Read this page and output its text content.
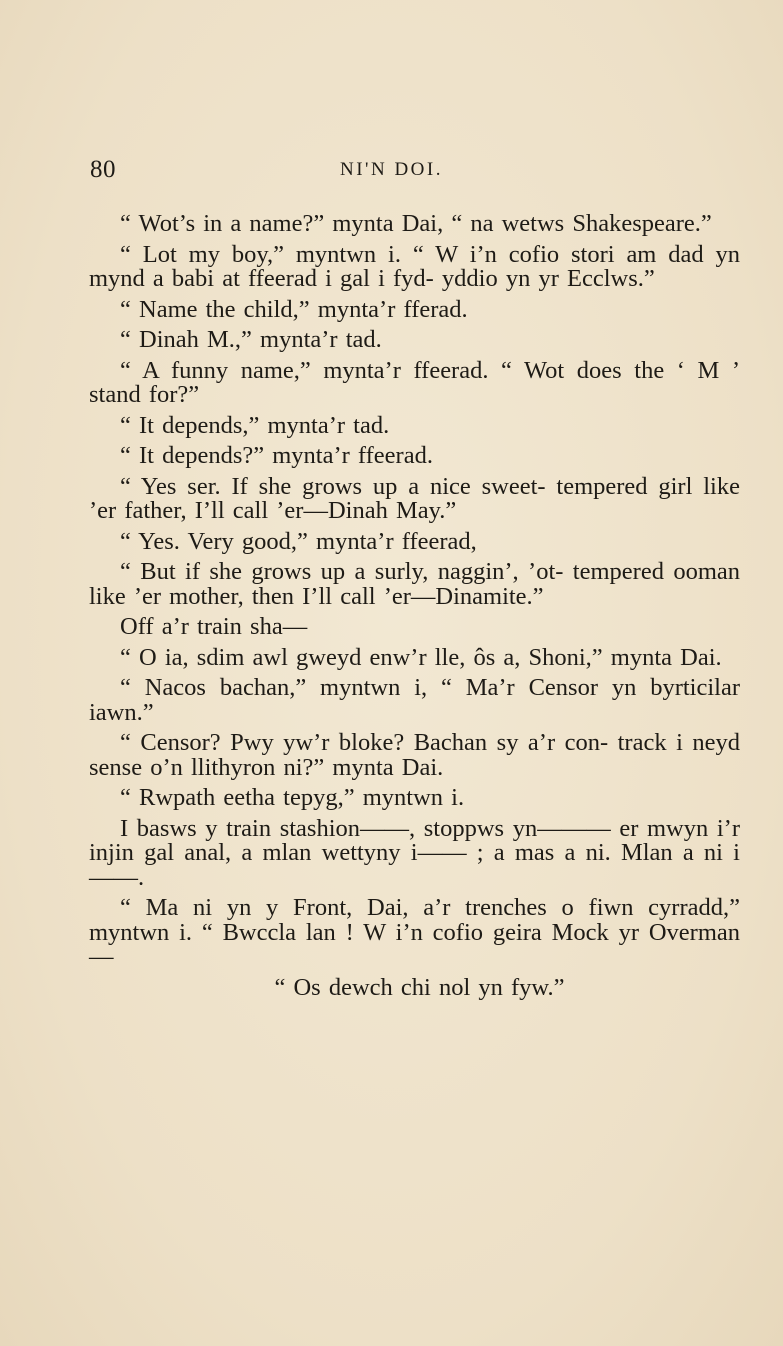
80	NI'N DOI.

“ Wot’s in a name?” mynta Dai, “ na wetws Shakespeare.”

“ Lot my boy,” myntwn i. “ W i’n cofio stori am dad yn mynd a babi at ffeerad i gal i fyd- yddio yn yr Ecclws.”

“ Name the child,” mynta’r fferad.

“ Dinah M.,” mynta’r tad.

“ A funny name,” mynta’r ffeerad. “ Wot does the ‘ M ’ stand for?”

“ It depends,” mynta’r tad.

“ It depends?” mynta’r ffeerad.

“ Yes ser. If she grows up a nice sweet- tempered girl like ’er father, I’ll call ’er—Dinah May.”

“ Yes. Very good,” mynta’r ffeerad,

“ But if she grows up a surly, naggin’, ’ot- tempered ooman like ’er mother, then I’ll call ’er—Dinamite.”

Off a’r train sha—

“ O ia, sdim awl gweyd enw’r lle, ôs a, Shoni,” mynta Dai.

“ Nacos bachan,” myntwn i, “ Ma’r Censor yn byrticilar iawn.”

“ Censor? Pwy yw’r bloke? Bachan sy a’r con- track i neyd sense o’n llithyron ni?” mynta Dai.

“ Rwpath eetha tepyg,” myntwn i.

I basws y train stashion——, stoppws yn——— er mwyn i’r injin gal anal, a mlan wettyny i—— ; a mas a ni. Mlan a ni i ——.

“ Ma ni yn y Front, Dai, a’r trenches o fiwn cyrradd,” myntwn i. “ Bwccla lan ! W i’n cofio geira Mock yr Overman—

“ Os dewch chi nol yn fyw.”
